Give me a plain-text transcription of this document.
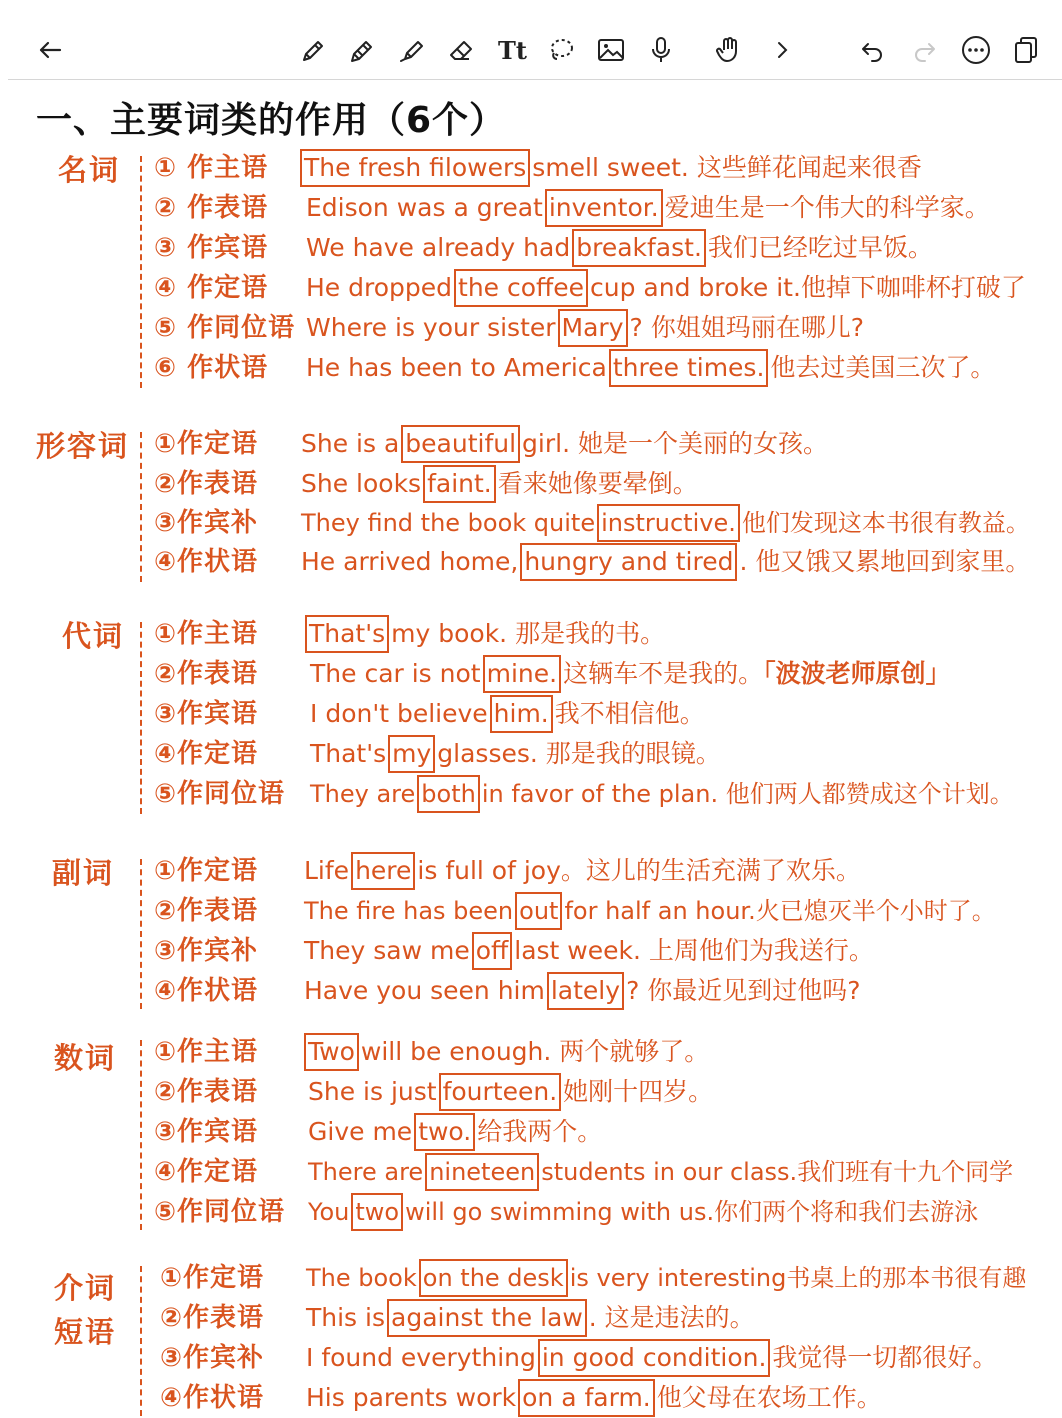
Tt
一、主要词类的作用（6个）
名词 ① 作主语 The fresh filowers smell sweet. 这些鲜花闻起来很香
② 作表语 Edison was a great inventor. 爱迪生是一个伟大的科学家。
③ 作宾语 We have already had breakfast. 我们已经吃过早饭。
④ 作定语 He dropped the coffee cup and broke it.他掉下咖啡杯打破了
⑤ 作同位语 Where is your sister Mary ? 你姐姐玛丽在哪儿?
⑥ 作状语 He has been to America three times. 他去过美国三次了。
形容词 ①作定语 She is a beautiful girl. 她是一个美丽的女孩。
②作表语 She looks faint. 看来她像要晕倒。
③作宾补 They find the book quite instructive. 他们发现这本书很有教益。
④作状语 He arrived home, hungry and tired . 他又饿又累地回到家里。
代词 ①作主语 That's my book. 那是我的书。
②作表语 The car is not mine. 这辆车不是我的。「波波老师原创」
③作宾语 I don't believe him. 我不相信他。
④作定语 That's my glasses. 那是我的眼镜。
⑤作同位语 They are both in favor of the plan. 他们两人都赞成这个计划。
副词 ①作定语 Life here is full of joy。这儿的生活充满了欢乐。
②作表语 The fire has been out for half an hour.火已熄灭半个小时了。
③作宾补 They saw me off last week. 上周他们为我送行。
④作状语 Have you seen him lately ? 你最近见到过他吗?
数词 ①作主语 Two will be enough. 两个就够了。
②作表语 She is just fourteen. 她刚十四岁。
③作宾语 Give me two. 给我两个。
④作定语 There are nineteen students in our class.我们班有十九个同学
⑤作同位语 You two will go swimming with us.你们两个将和我们去游泳
介词
短语
①作定语 The book on the desk is very interesting书桌上的那本书很有趣
②作表语 This is against the law . 这是违法的。
③作宾补 I found everything in good condition. 我觉得一切都很好。
④作状语 His parents work on a farm. 他父母在农场工作。
